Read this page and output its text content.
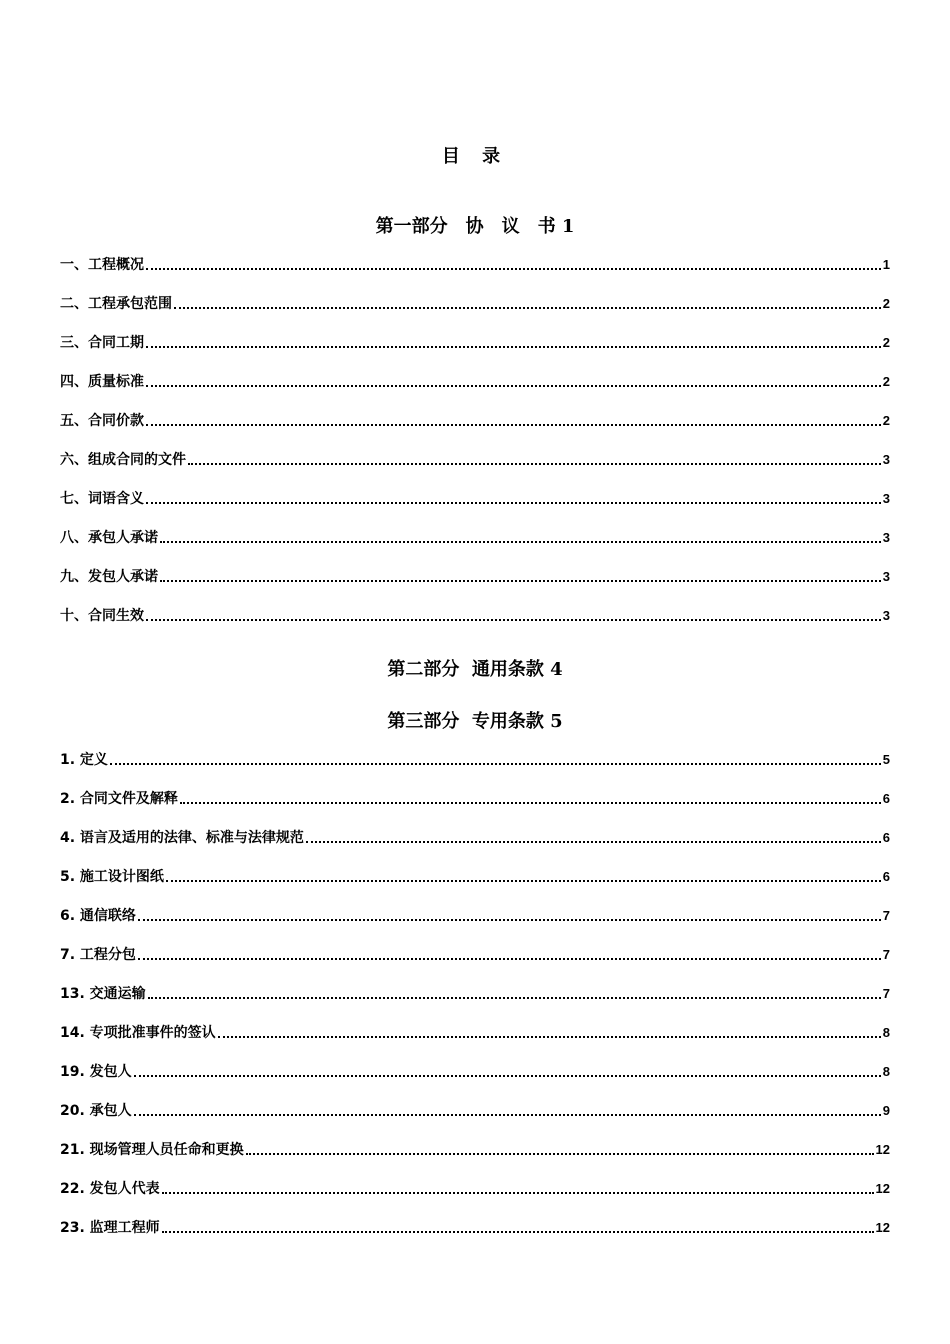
目 录
第一部分　协　议　书 1
一、工程概况	1
二、工程承包范围	2
三、合同工期	2
四、质量标准	2
五、合同价款	2
六、组成合同的文件	3
七、词语含义	3
八、承包人承诺	3
九、发包人承诺	3
十、合同生效	3
第二部分  通用条款 4
第三部分  专用条款 5
1. 定义	5
2. 合同文件及解释	6
4. 语言及适用的法律、标准与法律规范	6
5. 施工设计图纸	6
6. 通信联络	7
7. 工程分包	7
13. 交通运输	7
14. 专项批准事件的签认	8
19. 发包人	8
20. 承包人	9
21. 现场管理人员任命和更换	12
22. 发包人代表	12
23. 监理工程师	12
